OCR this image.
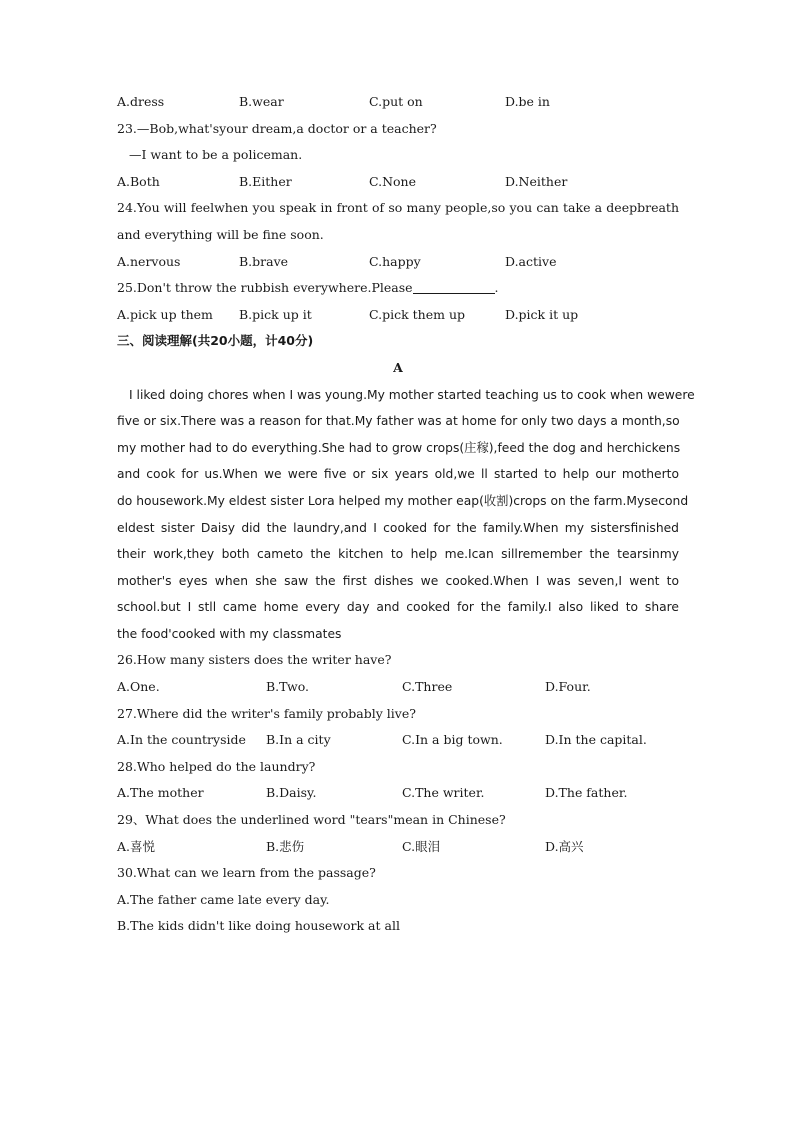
A.dress	B.wear	C.put on	D.be in
23.—Bob,what'syour dream,a doctor or a teacher?
—I want to be a policeman.
A.Both	B.Either	C.None	D.Neither
24.You will feelwhen you speak in front of so many people,so you can take a deepbreath
and everything will be fine soon.
A.nervous	B.brave	C.happy	D.active
25.Don't throw the rubbish everywhere.Please	.
A.pick up them B.pick up it	C.pick them up	D.pick it up
三、阅读理解(共20小题，计40分)
A

I liked doing chores when I was young.My mother started teaching us to cook when wewere

five or six.There was a reason for that.My father was at home for only two days a month,so

my mother had to do everything.She had to grow crops(庄稼),feed the dog and herchickens

and cook for us.When we were five or six years old,we ll started to help our motherto

do housework.My eldest sister Lora helped my mother eap(收割)crops on the farm.Mysecond

eldest sister Daisy did the laundry,and I cooked for the family.When my sistersfinished

their work,they both cameto the kitchen to help me.Ican sillremember the tearsinmy

mother's eyes when she saw the first dishes we cooked.When I was seven,I went to

school.but I stll came home every day and cooked for the family.I also liked to share

the food'cooked with my classmates

26.How many sisters does the writer have?
A.One.	B.Two.	C.Three	D.Four.
27.Where did the writer's family probably live?
A.In the countryside B.In a city	C.In a big town.	D.In the capital.
28.Who helped do the laundry?
A.The mother	B.Daisy.	C.The writer.	D.The father.
29、What does the underlined word "tears"mean in Chinese?
A.喜悦	B.悲伤	C.眼泪	D.高兴
30.What can we learn from the passage?
A.The father came late every day.
B.The kids didn't like doing housework at all
